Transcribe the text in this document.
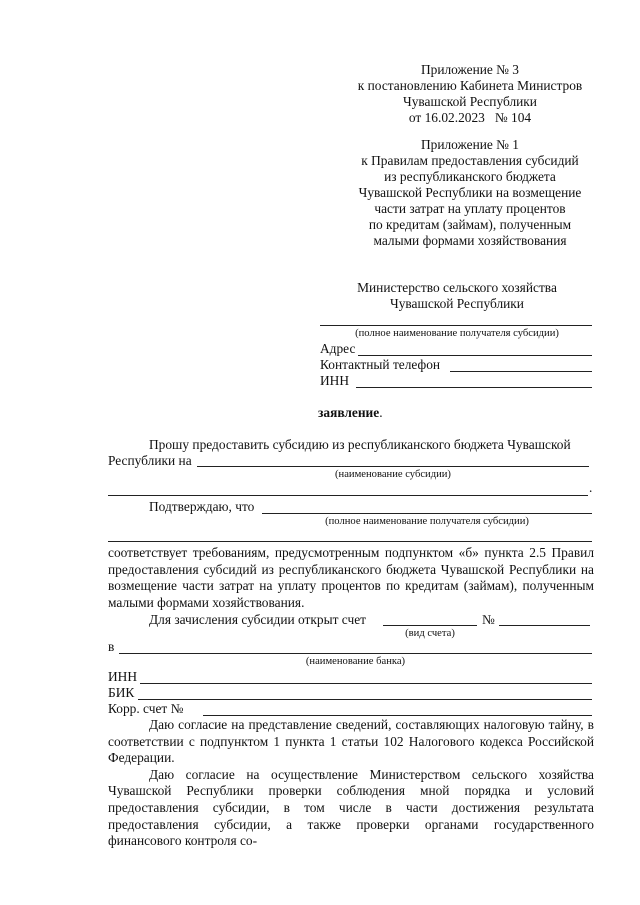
Приложение № 3
к постановлению Кабинета Министров
Чувашской Республики
от 16.02.2023   № 104
Приложение № 1
к Правилам предоставления субсидий
из республиканского бюджета
Чувашской Республики на возмещение
части затрат на уплату процентов
по кредитам (займам), полученным
малыми формами хозяйствования
Министерство сельского хозяйства
Чувашской Республики
(полное наименование получателя субсидии)
Адрес
Контактный телефон
ИНН
заявление.
Прошу предоставить субсидию из республиканского бюджета Чувашской
Республики на
(наименование субсидии)
.
Подтверждаю, что
(полное наименование получателя субсидии)

соответствует требованиям, предусмотренным подпунктом «б» пункта 2.5 Правил предоставления субсидий из республиканского бюджета Чувашской Республики на возмещение части затрат на уплату процентов по кредитам (займам), полученным малыми формами хозяйствования.

Для зачисления субсидии открыт счет	№
(вид счета)
в
(наименование банка)
ИНН
БИК
Корр. счет №

Даю согласие на представление сведений, составляющих налоговую тайну, в соответствии с подпунктом 1 пункта 1 статьи 102 Налогового кодекса Российской Федерации.

Даю согласие на осуществление Министерством сельского хозяйства Чувашской Республики проверки соблюдения мной порядка и условий предоставления субсидии, в том числе в части достижения результата предоставления субсидии, а также проверки органами государственного финансового контроля со-
